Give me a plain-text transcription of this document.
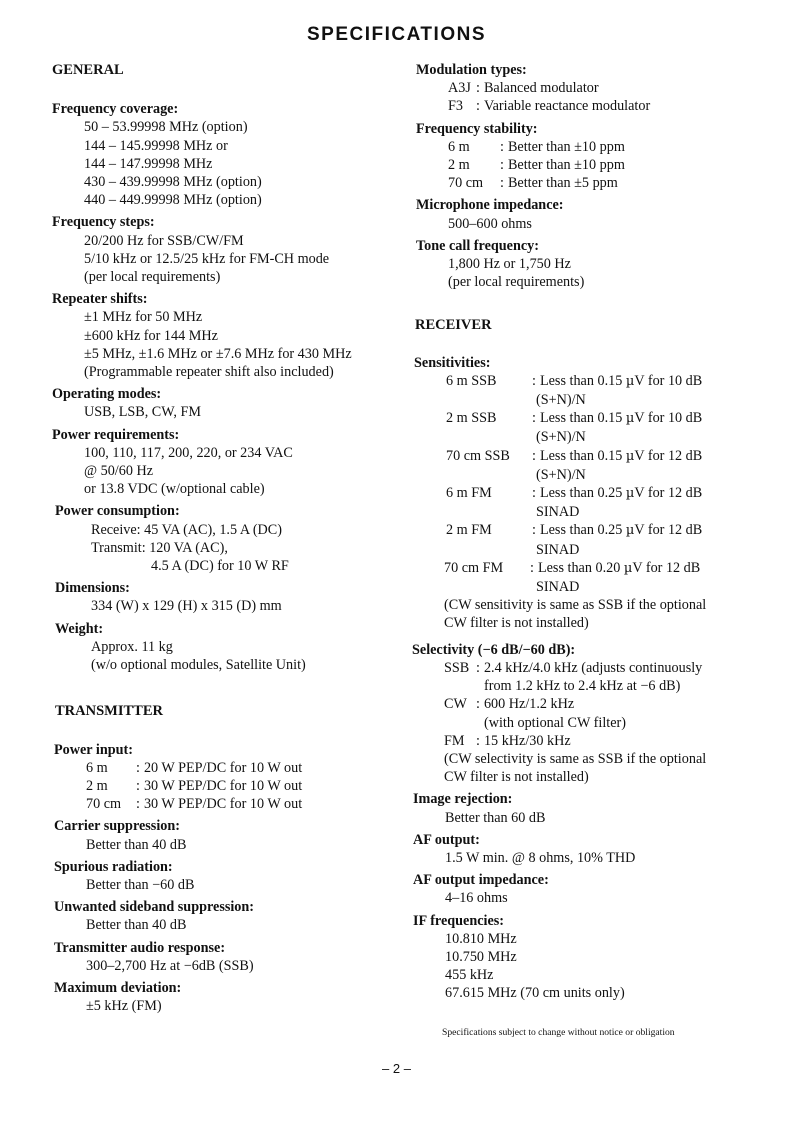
SPECIFICATIONS
GENERAL
Frequency coverage:
50 – 53.99998 MHz (option)
144 – 145.99998 MHz or
144 – 147.99998 MHz
430 – 439.99998 MHz (option)
440 – 449.99998 MHz (option)
Frequency steps:
20/200 Hz for SSB/CW/FM
5/10 kHz or 12.5/25 kHz for FM-CH mode
(per local requirements)
Repeater shifts:
±1 MHz for 50 MHz
±600 kHz for 144 MHz
±5 MHz, ±1.6 MHz or ±7.6 MHz for 430 MHz
(Programmable repeater shift also included)
Operating modes:
USB, LSB, CW, FM
Power requirements:
100, 110, 117, 200, 220, or 234 VAC
@ 50/60 Hz
or 13.8 VDC (w/optional cable)
Power consumption:
Receive: 45 VA (AC), 1.5 A (DC)
Transmit: 120 VA (AC),
4.5 A (DC) for 10 W RF
Dimensions:
334 (W) x 129 (H) x 315 (D) mm
Weight:
Approx. 11 kg
(w/o optional modules, Satellite Unit)
TRANSMITTER
Power input:
6 m	: 20 W PEP/DC for 10 W out
2 m	: 30 W PEP/DC for 10 W out
70 cm	: 30 W PEP/DC for 10 W out
Carrier suppression:
Better than 40 dB
Spurious radiation:
Better than −60 dB
Unwanted sideband suppression:
Better than 40 dB
Transmitter audio response:
300–2,700 Hz at −6dB (SSB)
Maximum deviation:
±5 kHz (FM)
Modulation types:
A3J : Balanced modulator
F3 : Variable reactance modulator
Frequency stability:
6 m	: Better than ±10 ppm
2 m	: Better than ±10 ppm
70 cm	: Better than ±5 ppm
Microphone impedance:
500–600 ohms
Tone call frequency:
1,800 Hz or 1,750 Hz
(per local requirements)
RECEIVER
Sensitivities:
6 m SSB	: Less than 0.15 µV for 10 dB
(S+N)/N
2 m SSB	: Less than 0.15 µV for 10 dB
(S+N)/N
70 cm SSB	: Less than 0.15 µV for 12 dB
(S+N)/N
6 m FM	: Less than 0.25 µV for 12 dB
SINAD
2 m FM	: Less than 0.25 µV for 12 dB
SINAD
70 cm FM	: Less than 0.20 µV for 12 dB
SINAD
(CW sensitivity is same as SSB if the optional
CW filter is not installed)
Selectivity (−6 dB/−60 dB):
SSB : 2.4 kHz/4.0 kHz (adjusts continuously
from 1.2 kHz to 2.4 kHz at −6 dB)
CW : 600 Hz/1.2 kHz
(with optional CW filter)
FM : 15 kHz/30 kHz
(CW selectivity is same as SSB if the optional
CW filter is not installed)
Image rejection:
Better than 60 dB
AF output:
1.5 W min. @ 8 ohms, 10% THD
AF output impedance:
4–16 ohms
IF frequencies:
10.810 MHz
10.750 MHz
455 kHz
67.615 MHz (70 cm units only)
Specifications subject to change without notice or obligation
– 2 –
